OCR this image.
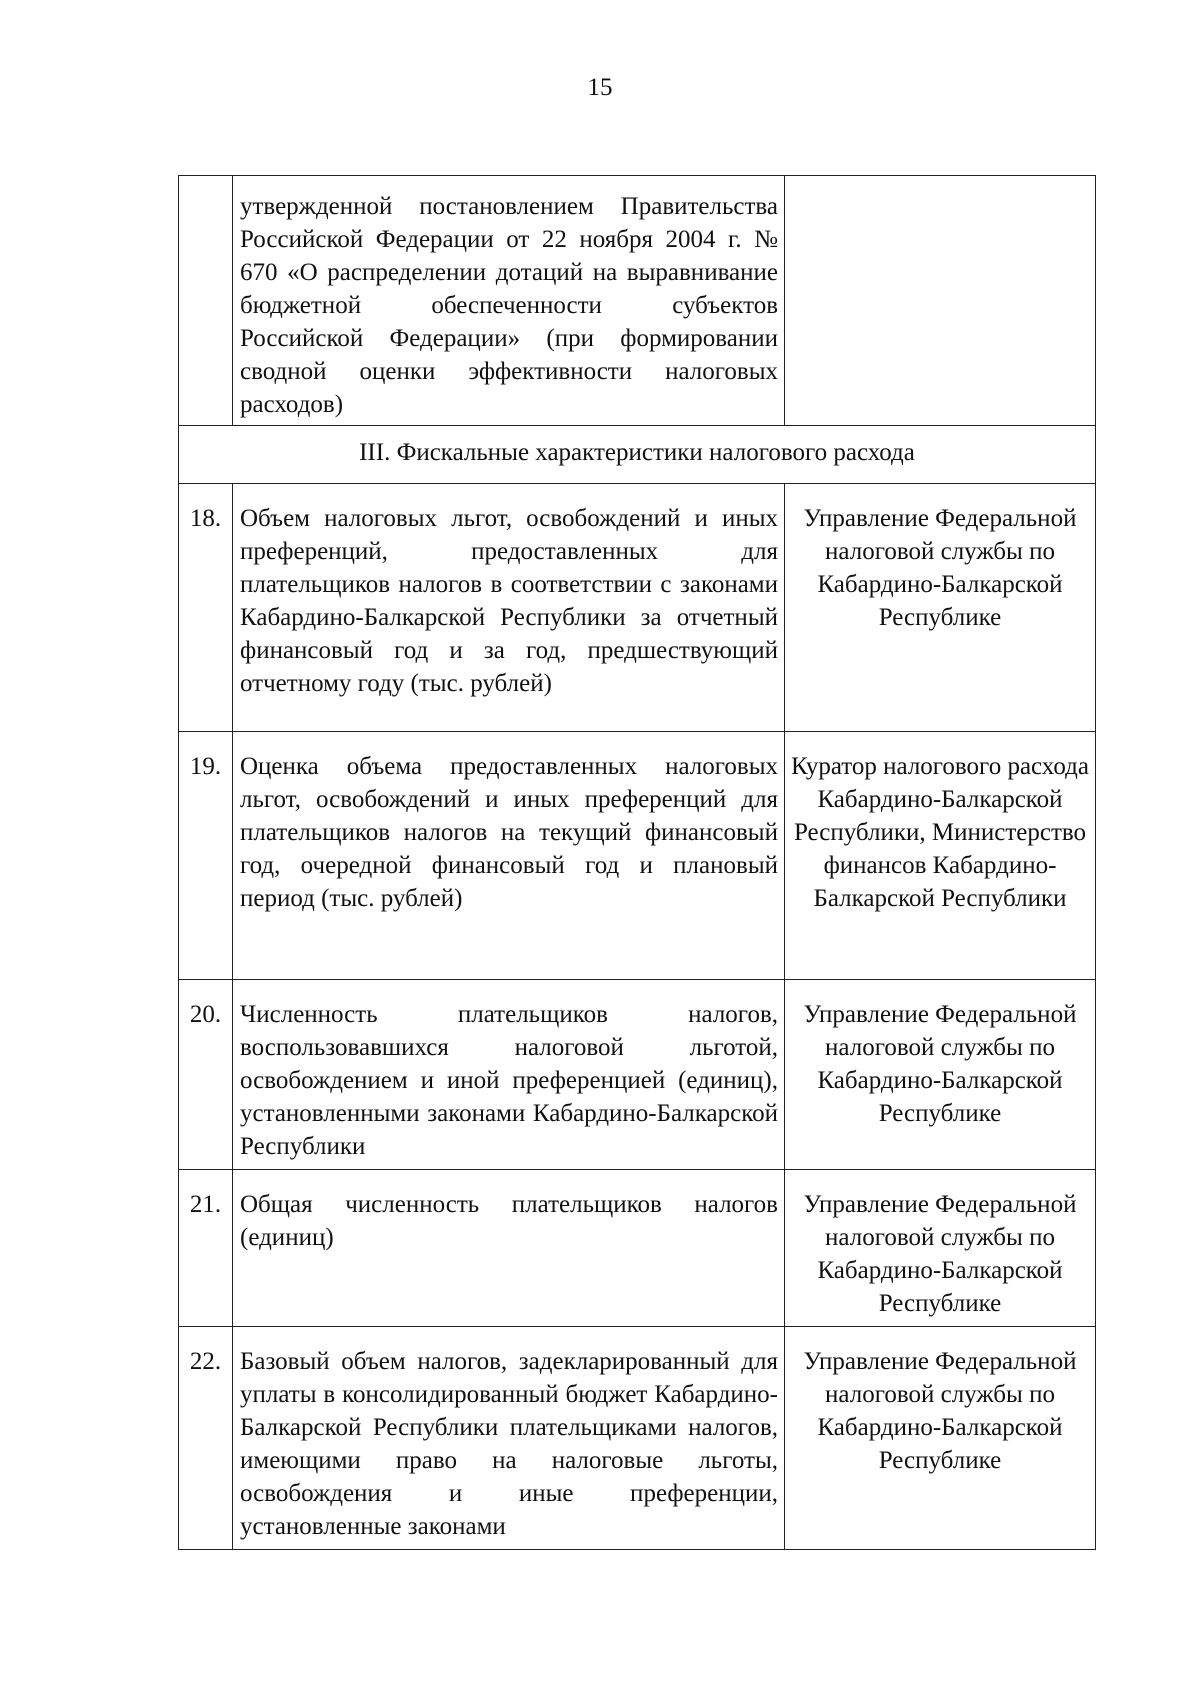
15
	утвержденной постановлением Правительства Российской Федерации от 22 ноября 2004 г. № 670 «О распределении дотаций на выравнивание бюджетной обеспеченности субъектов Российской Федерации» (при формировании сводной оценки эффективности налоговых расходов)	
III. Фискальные характеристики налогового расхода		
18.	Объем налоговых льгот, освобождений и иных преференций, предоставленных для плательщиков налогов в соответствии с законами Кабардино-Балкарской Республики за отчетный финансовый год и за год, предшествующий отчетному году (тыс. рублей)	Управление Федеральной налоговой службы по Кабардино-Балкарской Республике
19.	Оценка объема предоставленных налоговых льгот, освобождений и иных преференций для плательщиков налогов на текущий финансовый год, очередной финансовый год и плановый период (тыс. рублей)	Куратор налогового расхода Кабардино-Балкарской Республики, Министерство финансов Кабардино-Балкарской Республики
20.	Численность плательщиков налогов, воспользовавшихся налоговой льготой, освобождением и иной преференцией (единиц), установленными законами Кабардино-Балкарской Республики	Управление Федеральной налоговой службы по Кабардино-Балкарской Республике
21.	Общая численность плательщиков налогов (единиц)	Управление Федеральной налоговой службы по Кабардино-Балкарской Республике
22.	Базовый объем налогов, задекларированный для уплаты в консолидированный бюджет Кабардино-Балкарской Республики плательщиками налогов, имеющими право на налоговые льготы, освобождения и иные преференции, установленные законами	Управление Федеральной налоговой службы по Кабардино-Балкарской Республике
